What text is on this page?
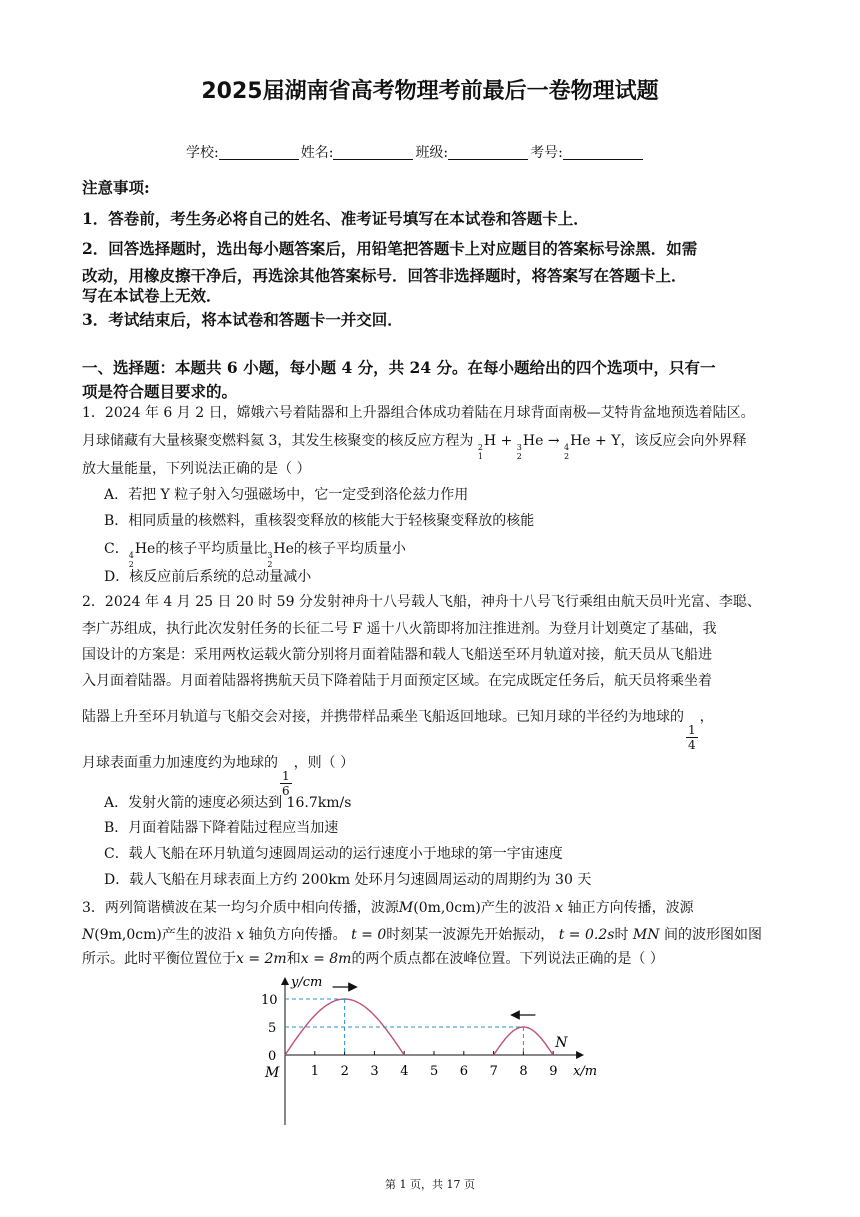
2025届湖南省高考物理考前最后一卷物理试题
学校:	姓名:	班级:	考号:
注意事项:
1．答卷前，考生务必将自己的姓名、准考证号填写在本试卷和答题卡上．
2．回答选择题时，选出每小题答案后，用铅笔把答题卡上对应题目的答案标号涂黑．如需
改动，用橡皮擦干净后，再选涂其他答案标号．回答非选择题时，将答案写在答题卡上．
写在本试卷上无效．
3．考试结束后，将本试卷和答题卡一并交回．
一、选择题：本题共 6 小题，每小题 4 分，共 24 分。在每小题给出的四个选项中，只有一
项是符合题目要求的。
1．2024 年 6 月 2 日，嫦娥六号着陆器和上升器组合体成功着陆在月球背面南极—艾特肯盆地预选着陆区。
月球储藏有大量核聚变燃料氦 3，其发生核聚变的核反应方程为 2
1
H + 3
2
He → 4
2
He + Y，该反应会向外界释
放大量能量，下列说法正确的是（ ）
A．若把 Y 粒子射入匀强磁场中，它一定受到洛伦兹力作用
B．相同质量的核燃料，重核裂变释放的核能大于轻核聚变释放的核能
C． 4
2
He的核子平均质量比 3
2
He的核子平均质量小
D．核反应前后系统的总动量减小
2．2024 年 4 月 25 日 20 时 59 分发射神舟十八号载人飞船，神舟十八号飞行乘组由航天员叶光富、李聪、
李广苏组成，执行此次发射任务的长征二号 F 遥十八火箭即将加注推进剂。为登月计划奠定了基础，我
国设计的方案是：采用两枚运载火箭分别将月面着陆器和载人飞船送至环月轨道对接，航天员从飞船进
入月面着陆器。月面着陆器将携航天员下降着陆于月面预定区域。在完成既定任务后，航天员将乘坐着
陆器上升至环月轨道与飞船交会对接，并携带样品乘坐飞船返回地球。已知月球的半径约为地球的
$\frac{1}{4}$
，
月球表面重力加速度约为地球的
$\frac{1}{6}$
，则（ ）
A．发射火箭的速度必须达到 16.7km/s
B．月面着陆器下降着陆过程应当加速
C．载人飞船在环月轨道匀速圆周运动的运行速度小于地球的第一宇宙速度
D．载人飞船在月球表面上方约 200km 处环月匀速圆周运动的周期约为 30 天
3．两列简谐横波在某一均匀介质中相向传播，波源M(0m,0cm)产生的波沿 x 轴正方向传播，波源
N(9m,0cm)产生的波沿 x 轴负方向传播。 t = 0时刻某一波源先开始振动， t = 0.2s时 MN 间的波形图如图
所示。此时平衡位置位于x = 2m和x = 8m的两个质点都在波峰位置。下列说法正确的是（ ）
y/cm
x/m
1 2 3 4 5 6 7 8 9
0
5
10
M
N
第 1 页，共 17 页
